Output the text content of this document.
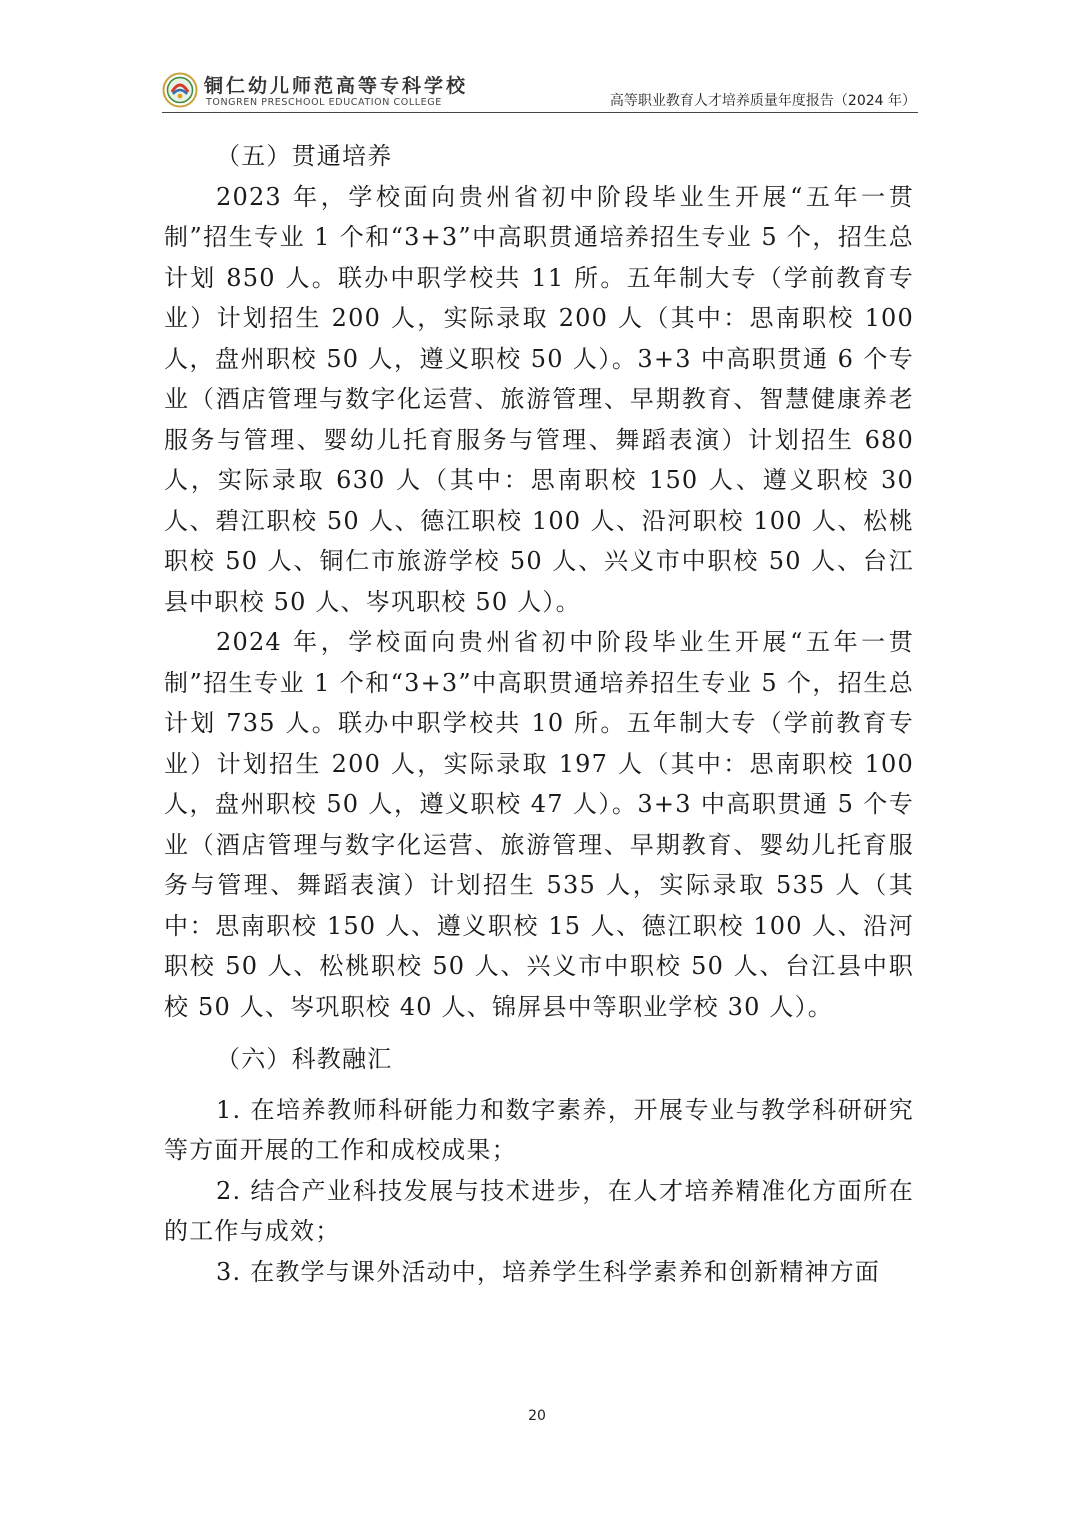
铜仁幼儿师范高等专科学校
TONGREN PRESCHOOL EDUCATION COLLEGE	高等职业教育人才培养质量年度报告（2024 年）

（五）贯通培养

2023 年，学校面向贵州省初中阶段毕业生开展“五年一贯制”招生专业 1 个和“3+3”中高职贯通培养招生专业 5 个，招生总计划 850 人。联办中职学校共 11 所。五年制大专（学前教育专业）计划招生 200 人，实际录取 200 人（其中：思南职校 100 人，盘州职校 50 人，遵义职校 50 人）。3+3 中高职贯通 6 个专业（酒店管理与数字化运营、旅游管理、早期教育、智慧健康养老服务与管理、婴幼儿托育服务与管理、舞蹈表演）计划招生 680 人，实际录取 630 人（其中：思南职校 150 人、遵义职校 30 人、碧江职校 50 人、德江职校 100 人、沿河职校 100 人、松桃职校 50 人、铜仁市旅游学校 50 人、兴义市中职校 50 人、台江县中职校 50 人、岑巩职校 50 人）。

2024 年，学校面向贵州省初中阶段毕业生开展“五年一贯制”招生专业 1 个和“3+3”中高职贯通培养招生专业 5 个，招生总计划 735 人。联办中职学校共 10 所。五年制大专（学前教育专业）计划招生 200 人，实际录取 197 人（其中：思南职校 100 人，盘州职校 50 人，遵义职校 47 人）。3+3 中高职贯通 5 个专业（酒店管理与数字化运营、旅游管理、早期教育、婴幼儿托育服务与管理、舞蹈表演）计划招生 535 人，实际录取 535 人（其中：思南职校 150 人、遵义职校 15 人、德江职校 100 人、沿河职校 50 人、松桃职校 50 人、兴义市中职校 50 人、台江县中职校 50 人、岑巩职校 40 人、锦屏县中等职业学校 30 人）。

（六）科教融汇

1. 在培养教师科研能力和数字素养，开展专业与教学科研研究等方面开展的工作和成校成果；

2. 结合产业科技发展与技术进步，在人才培养精准化方面所在的工作与成效；

3. 在教学与课外活动中，培养学生科学素养和创新精神方面

20
